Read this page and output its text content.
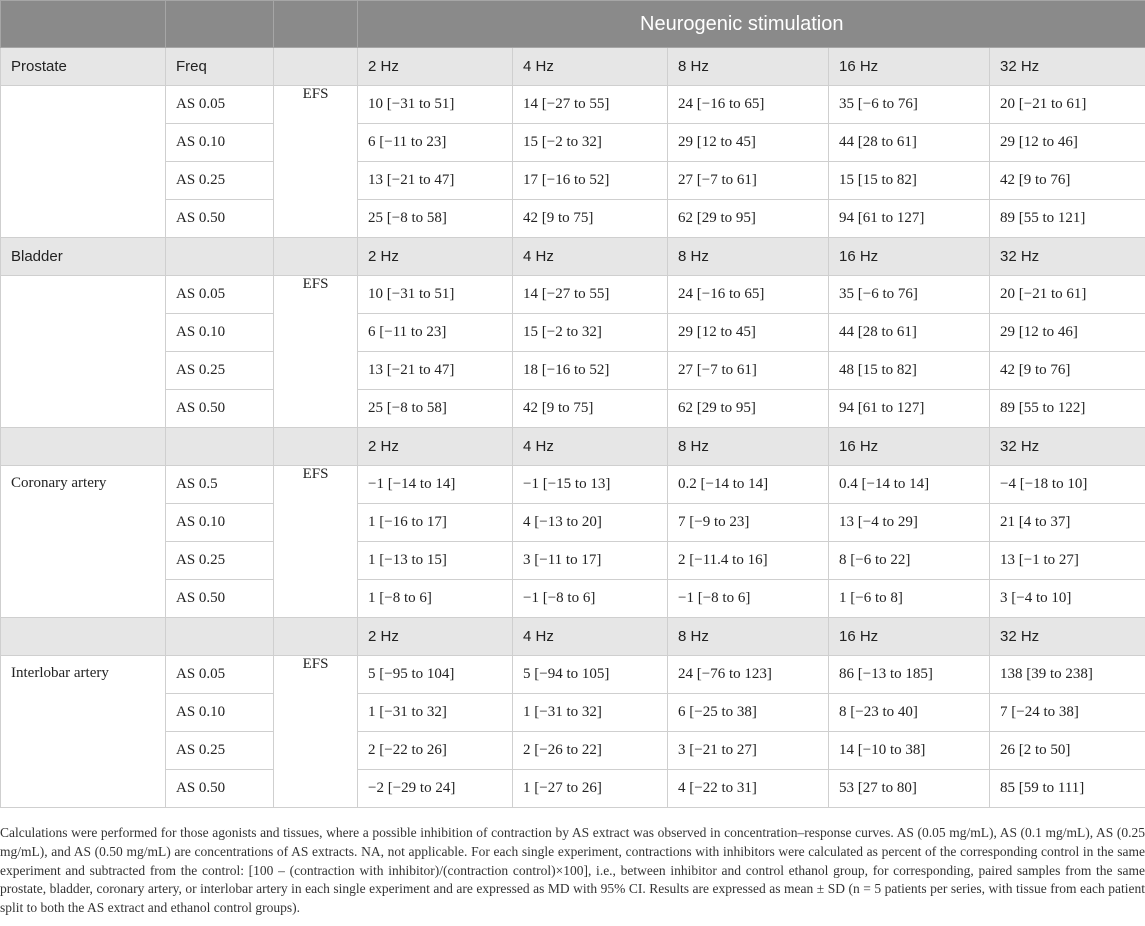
			Neurogenic stimulation				
Prostate	Freq		2 Hz	4 Hz	8 Hz	16 Hz	32 Hz
	AS 0.05	EFS	10 [−31 to 51]	14 [−27 to 55]	24 [−16 to 65]	35 [−6 to 76]	20 [−21 to 61]
	AS 0.10		6 [−11 to 23]	15 [−2 to 32]	29 [12 to 45]	44 [28 to 61]	29 [12 to 46]
	AS 0.25		13 [−21 to 47]	17 [−16 to 52]	27 [−7 to 61]	15 [15 to 82]	42 [9 to 76]
	AS 0.50		25 [−8 to 58]	42 [9 to 75]	62 [29 to 95]	94 [61 to 127]	89 [55 to 121]
Bladder			2 Hz	4 Hz	8 Hz	16 Hz	32 Hz
	AS 0.05	EFS	10 [−31 to 51]	14 [−27 to 55]	24 [−16 to 65]	35 [−6 to 76]	20 [−21 to 61]
	AS 0.10		6 [−11 to 23]	15 [−2 to 32]	29 [12 to 45]	44 [28 to 61]	29 [12 to 46]
	AS 0.25		13 [−21 to 47]	18 [−16 to 52]	27 [−7 to 61]	48 [15 to 82]	42 [9 to 76]
	AS 0.50		25 [−8 to 58]	42 [9 to 75]	62 [29 to 95]	94 [61 to 127]	89 [55 to 122]
			2 Hz	4 Hz	8 Hz	16 Hz	32 Hz
Coronary artery	AS 0.5	EFS	−1 [−14 to 14]	−1 [−15 to 13]	0.2 [−14 to 14]	0.4 [−14 to 14]	−4 [−18 to 10]
	AS 0.10		1 [−16 to 17]	4 [−13 to 20]	7 [−9 to 23]	13 [−4 to 29]	21 [4 to 37]
	AS 0.25		1 [−13 to 15]	3 [−11 to 17]	2 [−11.4 to 16]	8 [−6 to 22]	13 [−1 to 27]
	AS 0.50		1 [−8 to 6]	−1 [−8 to 6]	−1 [−8 to 6]	1 [−6 to 8]	3 [−4 to 10]
			2 Hz	4 Hz	8 Hz	16 Hz	32 Hz
Interlobar artery	AS 0.05	EFS	5 [−95 to 104]	5 [−94 to 105]	24 [−76 to 123]	86 [−13 to 185]	138 [39 to 238]
	AS 0.10		1 [−31 to 32]	1 [−31 to 32]	6 [−25 to 38]	8 [−23 to 40]	7 [−24 to 38]
	AS 0.25		2 [−22 to 26]	2 [−26 to 22]	3 [−21 to 27]	14 [−10 to 38]	26 [2 to 50]
	AS 0.50		−2 [−29 to 24]	1 [−27 to 26]	4 [−22 to 31]	53 [27 to 80]	85 [59 to 111]
Calculations were performed for those agonists and tissues, where a possible inhibition of contraction by AS extract was observed in concentration–response curves. AS (0.05 mg/mL), AS (0.1 mg/mL), AS (0.25 mg/mL), and AS (0.50 mg/mL) are concentrations of AS extracts. NA, not applicable. For each single experiment, contractions with inhibitors were calculated as percent of the corresponding control in the same experiment and subtracted from the control: [100 – (contraction with inhibitor)/(contraction control)×100], i.e., between inhibitor and control ethanol group, for corresponding, paired samples from the same prostate, bladder, coronary artery, or interlobar artery in each single experiment and are expressed as MD with 95% CI. Results are expressed as mean ± SD (n = 5 patients per series, with tissue from each patient split to both the AS extract and ethanol control groups).
